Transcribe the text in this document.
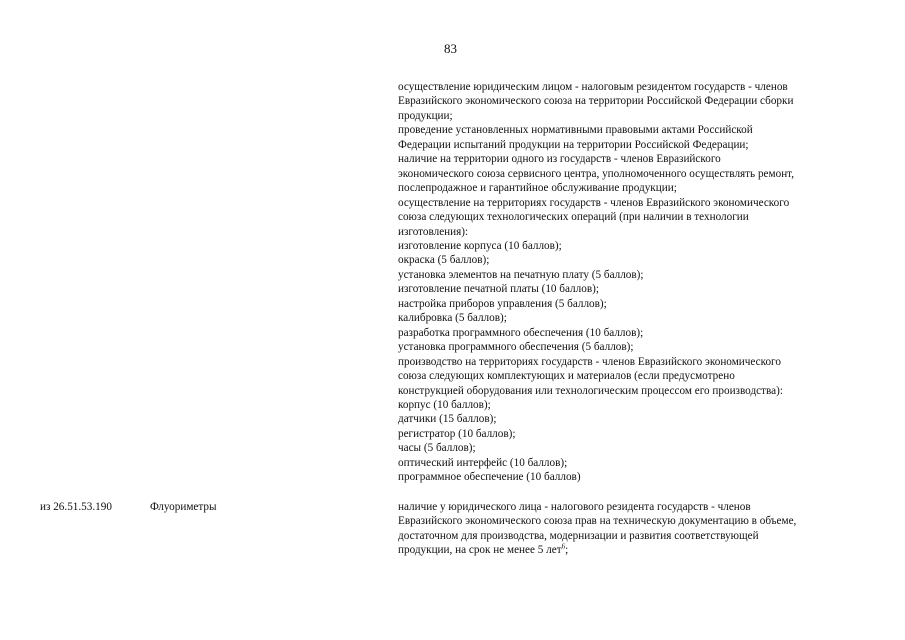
83
осуществление юридическим лицом - налоговым резидентом государств - членов
Евразийского экономического союза на территории Российской Федерации сборки
продукции;
проведение установленных нормативными правовыми актами Российской
Федерации испытаний продукции на территории Российской Федерации;
наличие на территории одного из государств - членов Евразийского
экономического союза сервисного центра, уполномоченного осуществлять ремонт,
послепродажное и гарантийное обслуживание продукции;
осуществление на территориях государств - членов Евразийского экономического
союза следующих технологических операций (при наличии в технологии
изготовления):
изготовление корпуса (10 баллов);
окраска (5 баллов);
установка элементов на печатную плату (5 баллов);
изготовление печатной платы (10 баллов);
настройка приборов управления (5 баллов);
калибровка (5 баллов);
разработка программного обеспечения (10 баллов);
установка программного обеспечения (5 баллов);
производство на территориях государств - членов Евразийского экономического
союза следующих комплектующих и материалов (если предусмотрено
конструкцией оборудования или технологическим процессом его производства):
корпус (10 баллов);
датчики (15 баллов);
регистратор (10 баллов);
часы (5 баллов);
оптический интерфейс (10 баллов);
программное обеспечение (10 баллов)
из 26.51.53.190	Флуориметры	наличие у юридического лица - налогового резидента государств - членов
Евразийского экономического союза прав на техническую документацию в объеме,
достаточном для производства, модернизации и развития соответствующей
продукции, на срок не менее 5 лет$^6$;
